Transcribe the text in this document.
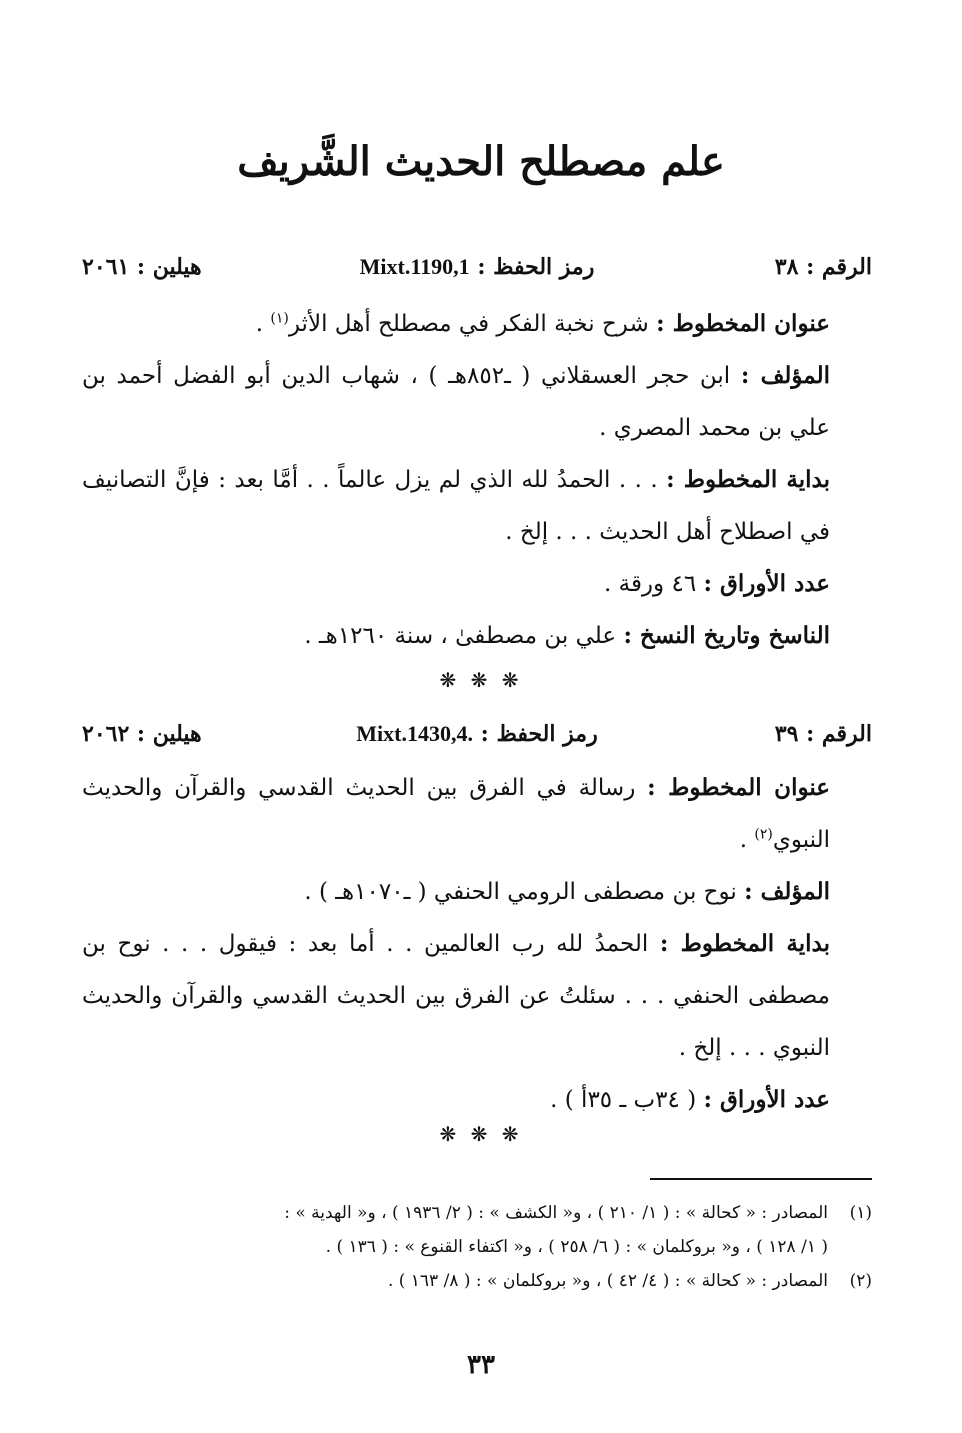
علم مصطلح الحديث الشَّريف
الرقم : ٣٨
رمز الحفظ : Mixt.1190,1
هيلين : ٢٠٦١
عنوان المخطوط : شرح نخبة الفكر في مصطلح أهل الأثر$^{(١)}$ .
المؤلف : ابن حجر العسقلاني ( ـ٨٥٢هـ ) ، شهاب الدين أبو الفضل أحمد بن علي بن محمد المصري .
بداية المخطوط : . . . الحمدُ لله الذي لم يزل عالماً . . أمَّا بعد : فإنَّ التصانيف في اصطلاح أهل الحديث . . . إلخ .
عدد الأوراق : ٤٦ ورقة .
الناسخ وتاريخ النسخ : علي بن مصطفىٰ ، سنة ١٢٦٠هـ .
❋ ❋ ❋
الرقم : ٣٩
رمز الحفظ : Mixt.1430,4.
هيلين : ٢٠٦٢
عنوان المخطوط : رسالة في الفرق بين الحديث القدسي والقرآن والحديث النبوي$^{(٢)}$ .
المؤلف : نوح بن مصطفى الرومي الحنفي ( ـ١٠٧٠هـ ) .
بداية المخطوط : الحمدُ لله رب العالمين . . أما بعد : فيقول . . . نوح بن مصطفى الحنفي . . . سئلتُ عن الفرق بين الحديث القدسي والقرآن والحديث النبوي . . . إلخ .
عدد الأوراق : ( ٣٤ب ـ ٣٥أ ) .
❋ ❋ ❋

(١)المصادر : « كحالة » : ( ١/ ٢١٠ ) ، و« الكشف » : ( ٢/ ١٩٣٦ ) ، و« الهدية » :

( ١/ ١٢٨ ) ، و« بروكلمان » : ( ٦/ ٢٥٨ ) ، و« اكتفاء القنوع » : ( ١٣٦ ) .

(٢)المصادر : « كحالة » : ( ٤/ ٤٢ ) ، و« بروكلمان » : ( ٨/ ١٦٣ ) .

٣٣
